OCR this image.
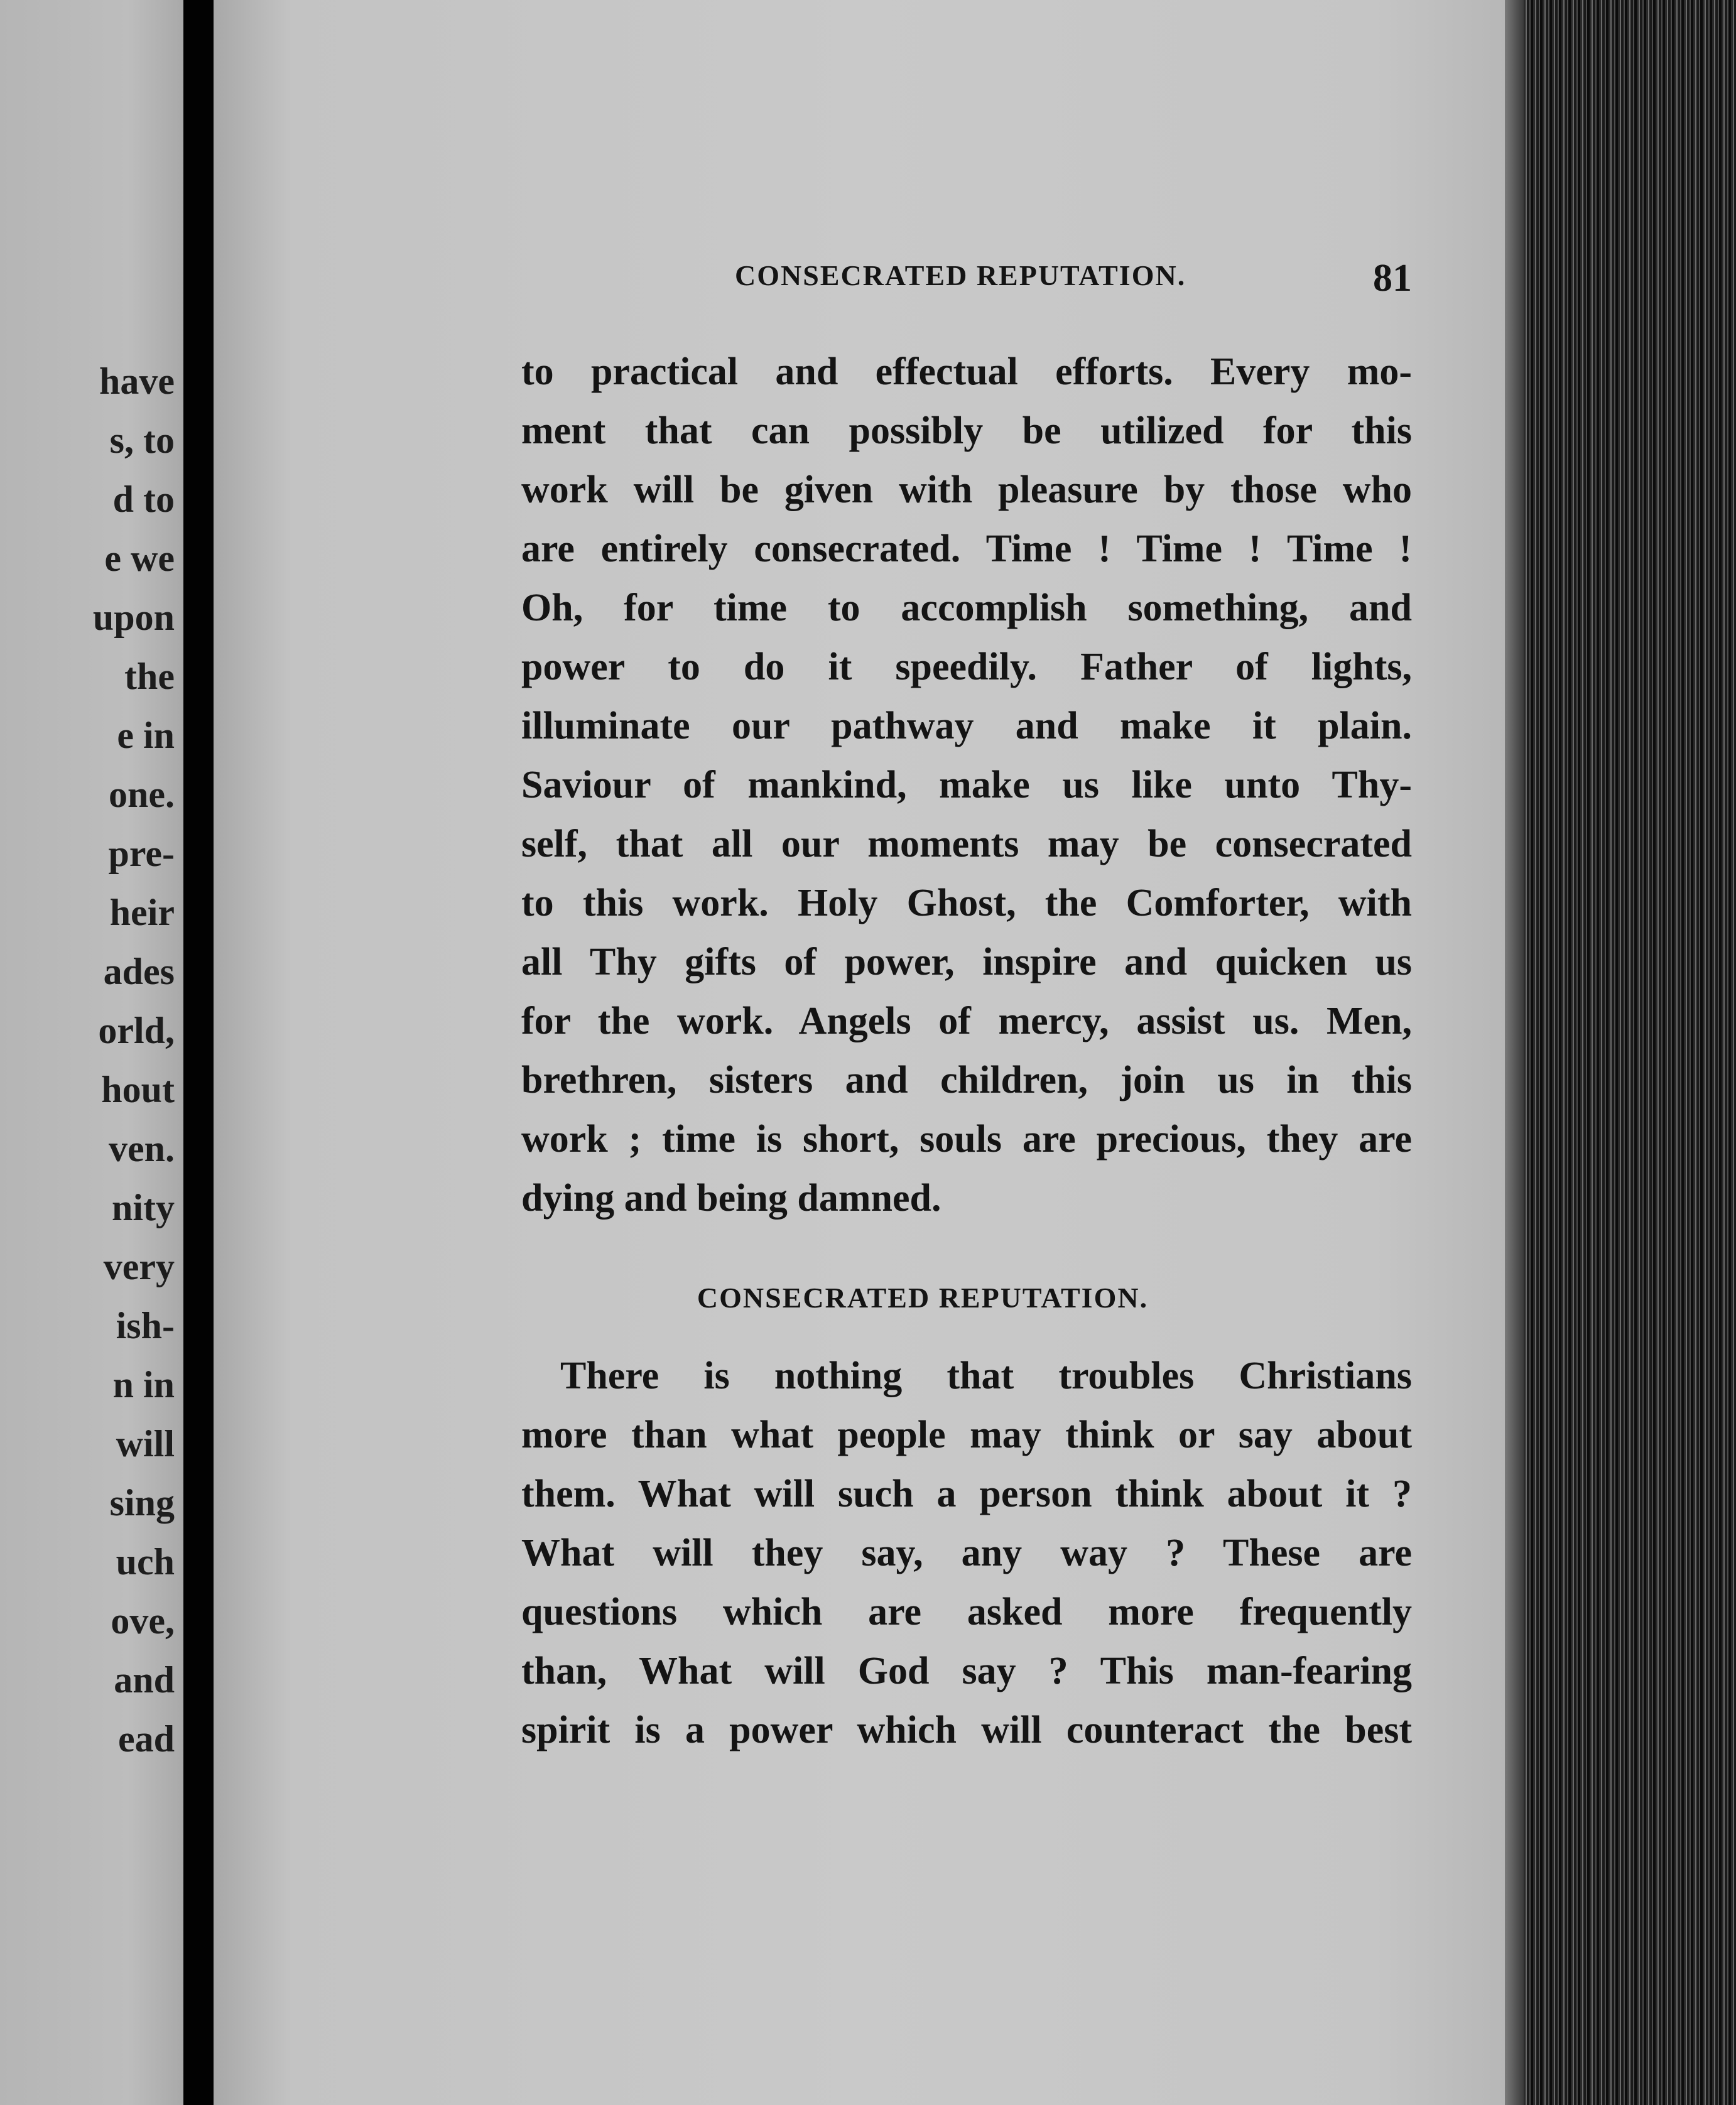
have
s, to
d to
e we
upon
the
e in
one.
pre-
heir
ades
orld,
hout
ven.
nity
very
ish-
n in
will
sing
uch
ove,
and
ead
CONSECRATED REPUTATION.	81
to practical and effectual efforts. Every mo-
ment that can possibly be utilized for this
work will be given with pleasure by those who
are entirely consecrated. Time ! Time ! Time !
Oh, for time to accomplish something, and
power to do it speedily. Father of lights,
illuminate our pathway and make it plain.
Saviour of mankind, make us like unto Thy-
self, that all our moments may be consecrated
to this work. Holy Ghost, the Comforter, with
all Thy gifts of power, inspire and quicken us
for the work. Angels of mercy, assist us. Men,
brethren, sisters and children, join us in this
work ; time is short, souls are precious, they are
dying and being damned.
CONSECRATED REPUTATION.
There is nothing that troubles Christians
more than what people may think or say about
them. What will such a person think about it ?
What will they say, any way ? These are
questions which are asked more frequently
than, What will God say ? This man-fearing
spirit is a power which will counteract the best
